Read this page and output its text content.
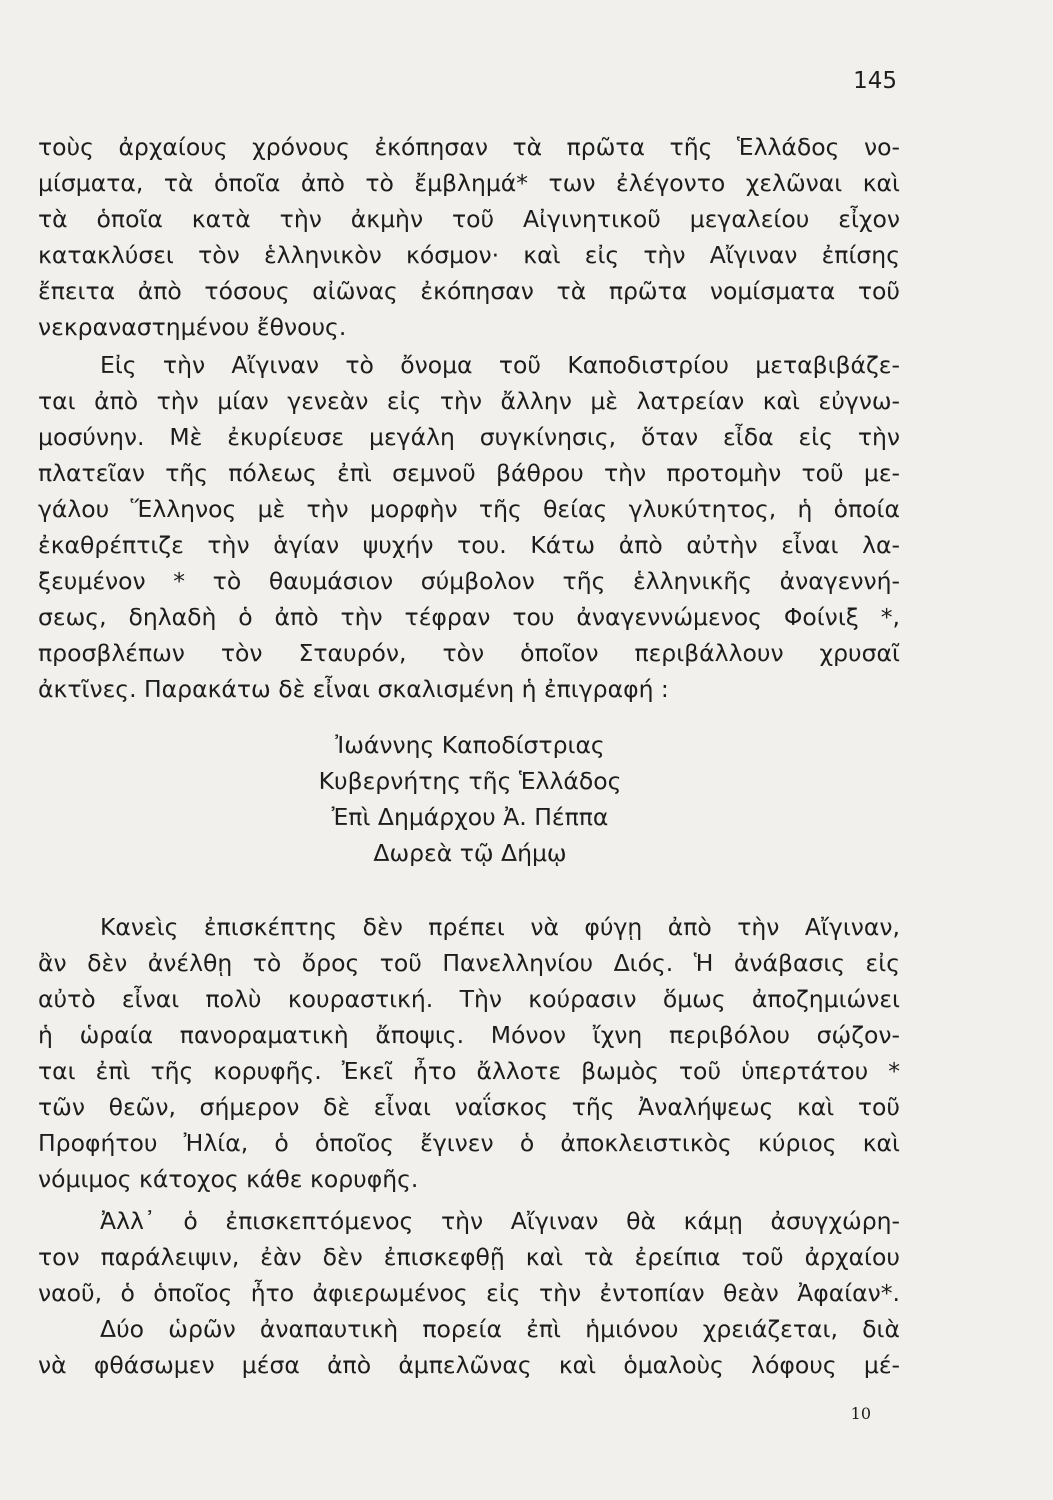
145
τοὺς ἀρχαίους χρόνους ἐκόπησαν τὰ πρῶτα τῆς Ἑλλάδος νο-
μίσματα, τὰ ὁποῖα ἀπὸ τὸ ἔμβλημά* των ἐλέγοντο χελῶναι καὶ
τὰ ὁποῖα κατὰ τὴν ἀκμὴν τοῦ Αἰγινητικοῦ μεγαλείου εἶχον
κατακλύσει τὸν ἑλληνικὸν κόσμον· καὶ εἰς τὴν Αἴγιναν ἐπίσης
ἔπειτα ἀπὸ τόσους αἰῶνας ἐκόπησαν τὰ πρῶτα νομίσματα τοῦ
νεκραναστημένου ἔθνους.
Εἰς τὴν Αἴγιναν τὸ ὄνομα τοῦ Καποδιστρίου μεταβιβάζε-
ται ἀπὸ τὴν μίαν γενεὰν εἰς τὴν ἄλλην μὲ λατρείαν καὶ εὐγνω-
μοσύνην. Μὲ ἐκυρίευσε μεγάλη συγκίνησις, ὅταν εἶδα εἰς τὴν
πλατεῖαν τῆς πόλεως ἐπὶ σεμνοῦ βάθρου τὴν προτομὴν τοῦ με-
γάλου Ἕλληνος μὲ τὴν μορφὴν τῆς θείας γλυκύτητος, ἡ ὁποία
ἐκαθρέπτιζε τὴν ἁγίαν ψυχήν του. Κάτω ἀπὸ αὐτὴν εἶναι λα-
ξευμένον * τὸ θαυμάσιον σύμβολον τῆς ἑλληνικῆς ἀναγεννή-
σεως, δηλαδὴ ὁ ἀπὸ τὴν τέφραν του ἀναγεννώμενος Φοίνιξ *,
προσβλέπων τὸν Σταυρόν, τὸν ὁποῖον περιβάλλουν χρυσαῖ
ἀκτῖνες. Παρακάτω δὲ εἶναι σκαλισμένη ἡ ἐπιγραφή :
Ἰωάννης Καποδίστριας
Κυβερνήτης τῆς Ἑλλάδος
Ἐπὶ Δημάρχου Ἀ. Πέππα
Δωρεὰ τῷ Δήμῳ
Κανεὶς ἐπισκέπτης δὲν πρέπει νὰ φύγῃ ἀπὸ τὴν Αἴγιναν,
ἂν δὲν ἀνέλθῃ τὸ ὄρος τοῦ Πανελληνίου Διός. Ἡ ἀνάβασις εἰς
αὐτὸ εἶναι πολὺ κουραστική. Τὴν κούρασιν ὅμως ἀποζημιώνει
ἡ ὡραία πανοραματικὴ ἄποψις. Μόνον ἴχνη περιβόλου σῴζον-
ται ἐπὶ τῆς κορυφῆς. Ἐκεῖ ἦτο ἄλλοτε βωμὸς τοῦ ὑπερτάτου *
τῶν θεῶν, σήμερον δὲ εἶναι ναΐσκος τῆς Ἀναλήψεως καὶ τοῦ
Προφήτου Ἠλία, ὁ ὁποῖος ἔγινεν ὁ ἀποκλειστικὸς κύριος καὶ
νόμιμος κάτοχος κάθε κορυφῆς.
Ἀλλ᾽ ὁ ἐπισκεπτόμενος τὴν Αἴγιναν θὰ κάμῃ ἀσυγχώρη-
τον παράλειψιν, ἐὰν δὲν ἐπισκεφθῇ καὶ τὰ ἐρείπια τοῦ ἀρχαίου
ναοῦ, ὁ ὁποῖος ἦτο ἀφιερωμένος εἰς τὴν ἐντοπίαν θεὰν Ἀφαίαν*.
Δύο ὡρῶν ἀναπαυτικὴ πορεία ἐπὶ ἡμιόνου χρειάζεται, διὰ
νὰ φθάσωμεν μέσα ἀπὸ ἀμπελῶνας καὶ ὁμαλοὺς λόφους μέ-
10
